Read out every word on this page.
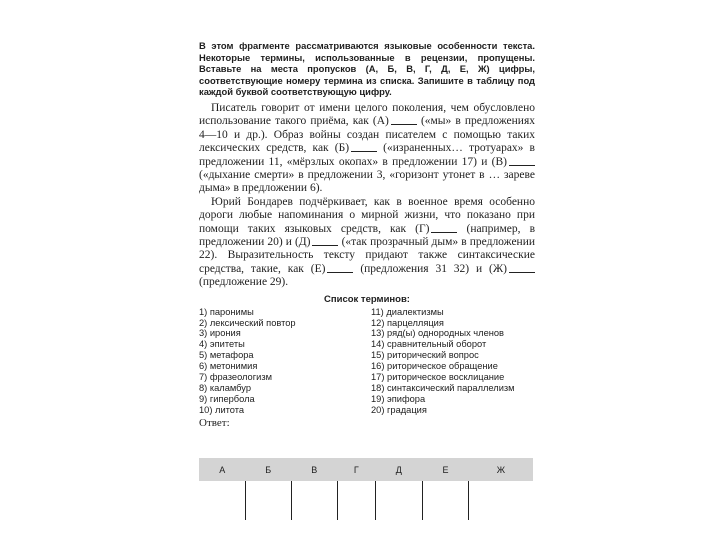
В этом фрагменте рассматриваются языковые особенности текста. Некоторые термины, использованные в рецензии, пропущены. Вставьте на места пропусков (А, Б, В, Г, Д, Е, Ж) цифры, соответствующие номеру термина из списка. Запишите в таблицу под каждой буквой соответствующую цифру.

Писатель говорит от имени целого поколения, чем обусловлено использование такого приёма, как (А)	(«мы» в предложениях 4—10 и др.). Образ войны создан писателем с помощью таких лексических средств, как (Б)	(«израненных… тротуарах» в предложении 11, «мёрзлых окопах» в предложении 17) и (В) («дыхание смерти» в предложении 3, «горизонт утонет в … зареве дыма» в предложении 6).

Юрий Бондарев подчёркивает, как в военное время особенно дороги любые напоминания о мирной жизни, что показано при помощи таких языковых средств, как (Г)	(например, в предложении 20) и (Д)	(«так прозрачный дым» в предложении 22). Выразительность тексту придают также синтаксические средства, такие, как (Е)	(предложения 31 32) и (Ж) (предложение 29).

Список терминов:
1) паронимы
2) лексический повтор
3) ирония
4) эпитеты
5) метафора
6) метонимия
7) фразеологизм
8) каламбур
9) гипербола
10) литота
11) диалектизмы
12) парцелляция
13) ряд(ы) однородных членов
14) сравнительный оборот
15) риторический вопрос
16) риторическое обращение
17) риторическое восклицание
18) синтаксический параллелизм
19) эпифора
20) градация
Ответ:
А	Б	В	Г	Д	Е	Ж
